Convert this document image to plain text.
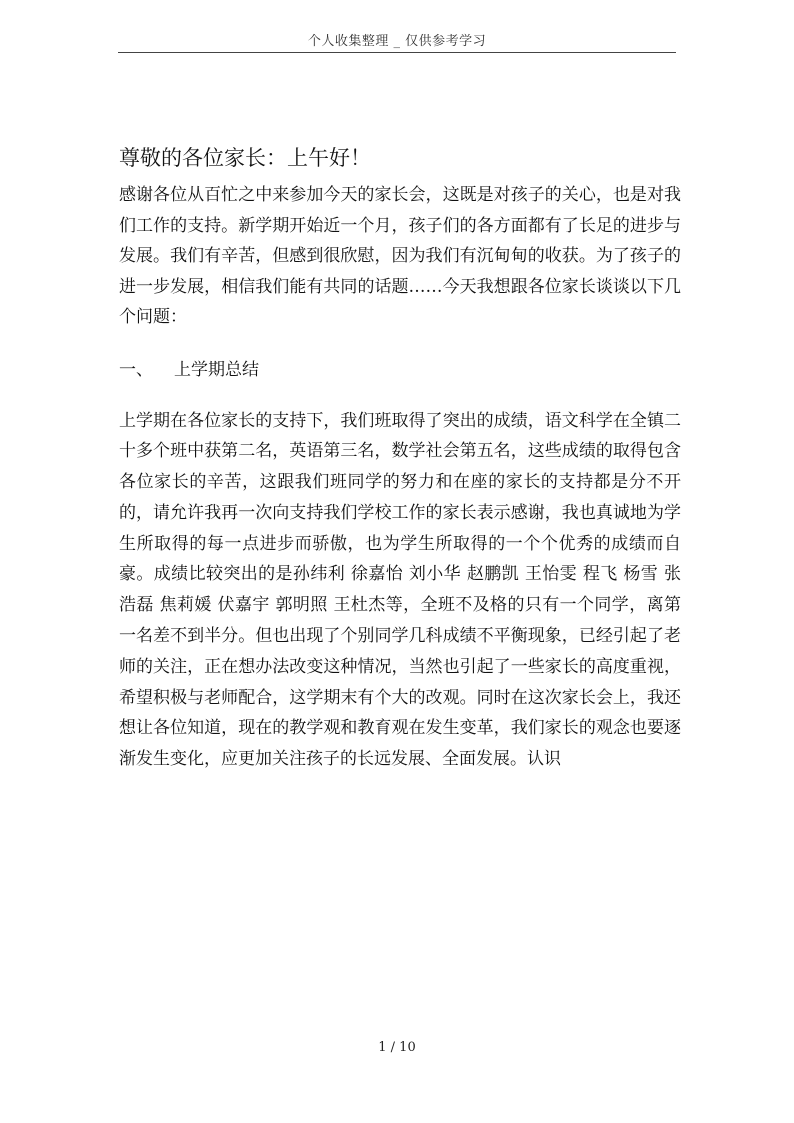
个人收集整理 _ 仅供参考学习

尊敬的各位家长：上午好！

感谢各位从百忙之中来参加今天的家长会，这既是对孩子的关心，也是对我们工作的支持。新学期开始近一个月，孩子们的各方面都有了长足的进步与发展。我们有辛苦，但感到很欣慰，因为我们有沉甸甸的收获。为了孩子的进一步发展，相信我们能有共同的话题……今天我想跟各位家长谈谈以下几个问题：

一、 上学期总结

上学期在各位家长的支持下，我们班取得了突出的成绩，语文科学在全镇二十多个班中获第二名，英语第三名，数学社会第五名，这些成绩的取得包含各位家长的辛苦，这跟我们班同学的努力和在座的家长的支持都是分不开的，请允许我再一次向支持我们学校工作的家长表示感谢，我也真诚地为学生所取得的每一点进步而骄傲，也为学生所取得的一个个优秀的成绩而自豪。成绩比较突出的是孙纬利 徐嘉怡 刘小华 赵鹏凯 王怡雯 程飞 杨雪 张浩磊 焦莉媛 伏嘉宇 郭明照 王杜杰等，全班不及格的只有一个同学，离第一名差不到半分。但也出现了个别同学几科成绩不平衡现象，已经引起了老师的关注，正在想办法改变这种情况，当然也引起了一些家长的高度重视，希望积极与老师配合，这学期末有个大的改观。同时在这次家长会上，我还想让各位知道，现在的教学观和教育观在发生变革，我们家长的观念也要逐渐发生变化，应更加关注孩子的长远发展、全面发展。认识

1 / 10
